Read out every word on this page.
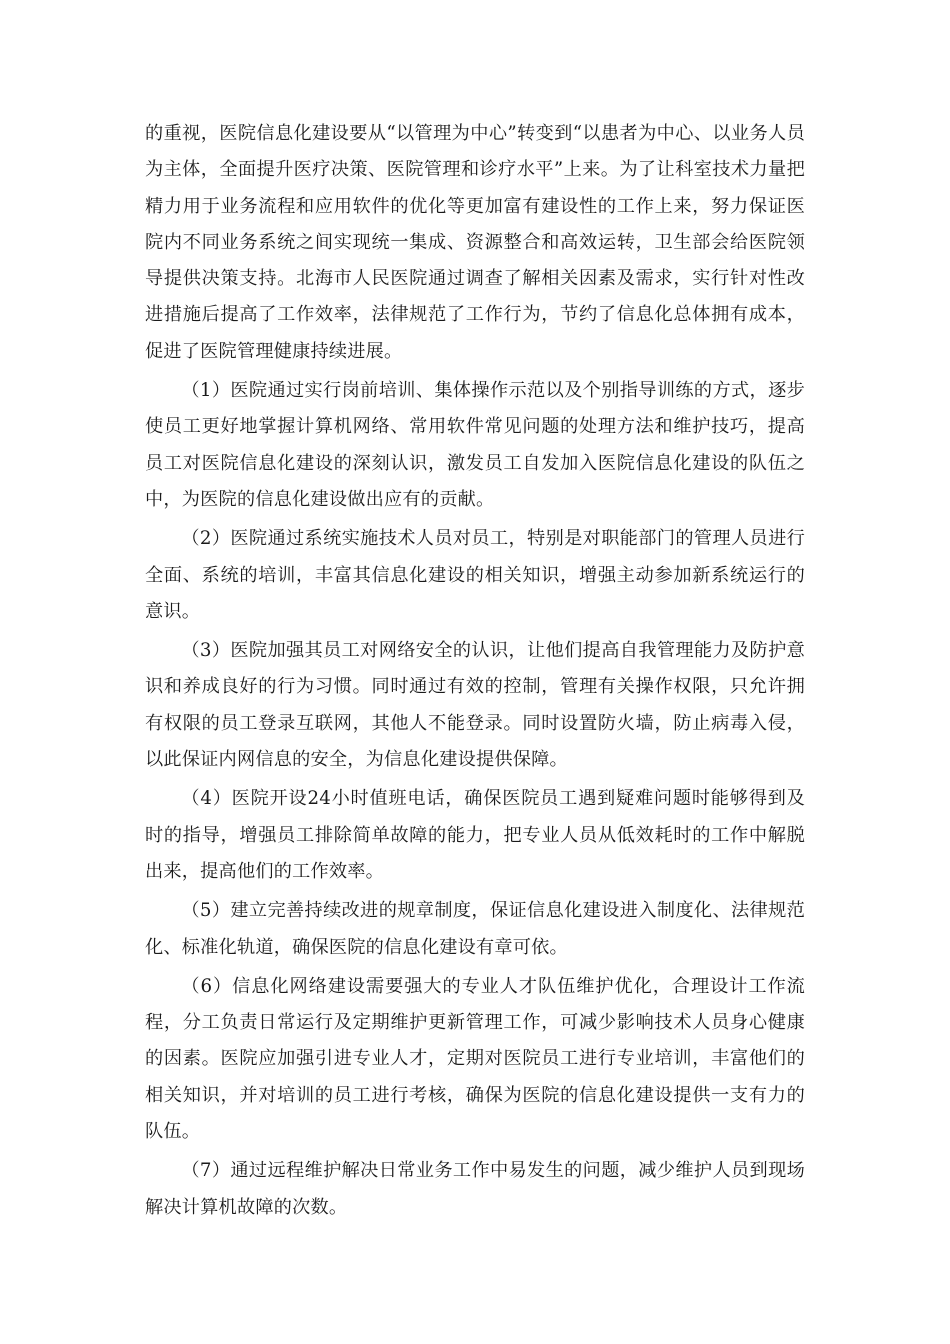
的重视，医院信息化建设要从“以管理为中心”转变到“以患者为中心、以业务人员为主体，全面提升医疗决策、医院管理和诊疗水平”上来。为了让科室技术力量把精力用于业务流程和应用软件的优化等更加富有建设性的工作上来，努力保证医院内不同业务系统之间实现统一集成、资源整合和高效运转，卫生部会给医院领导提供决策支持。北海市人民医院通过调查了解相关因素及需求，实行针对性改进措施后提高了工作效率，法律规范了工作行为，节约了信息化总体拥有成本，促进了医院管理健康持续进展。

（1）医院通过实行岗前培训、集体操作示范以及个别指导训练的方式，逐步使员工更好地掌握计算机网络、常用软件常见问题的处理方法和维护技巧，提高员工对医院信息化建设的深刻认识，激发员工自发加入医院信息化建设的队伍之中，为医院的信息化建设做出应有的贡献。

（2）医院通过系统实施技术人员对员工，特别是对职能部门的管理人员进行全面、系统的培训，丰富其信息化建设的相关知识，增强主动参加新系统运行的意识。

（3）医院加强其员工对网络安全的认识，让他们提高自我管理能力及防护意识和养成良好的行为习惯。同时通过有效的控制，管理有关操作权限，只允许拥有权限的员工登录互联网，其他人不能登录。同时设置防火墙，防止病毒入侵，以此保证内网信息的安全，为信息化建设提供保障。

（4）医院开设24小时值班电话，确保医院员工遇到疑难问题时能够得到及时的指导，增强员工排除简单故障的能力，把专业人员从低效耗时的工作中解脱出来，提高他们的工作效率。

（5）建立完善持续改进的规章制度，保证信息化建设进入制度化、法律规范化、标准化轨道，确保医院的信息化建设有章可依。

（6）信息化网络建设需要强大的专业人才队伍维护优化，合理设计工作流程，分工负责日常运行及定期维护更新管理工作，可减少影响技术人员身心健康的因素。医院应加强引进专业人才，定期对医院员工进行专业培训，丰富他们的相关知识，并对培训的员工进行考核，确保为医院的信息化建设提供一支有力的队伍。

（7）通过远程维护解决日常业务工作中易发生的问题，减少维护人员到现场解决计算机故障的次数。
